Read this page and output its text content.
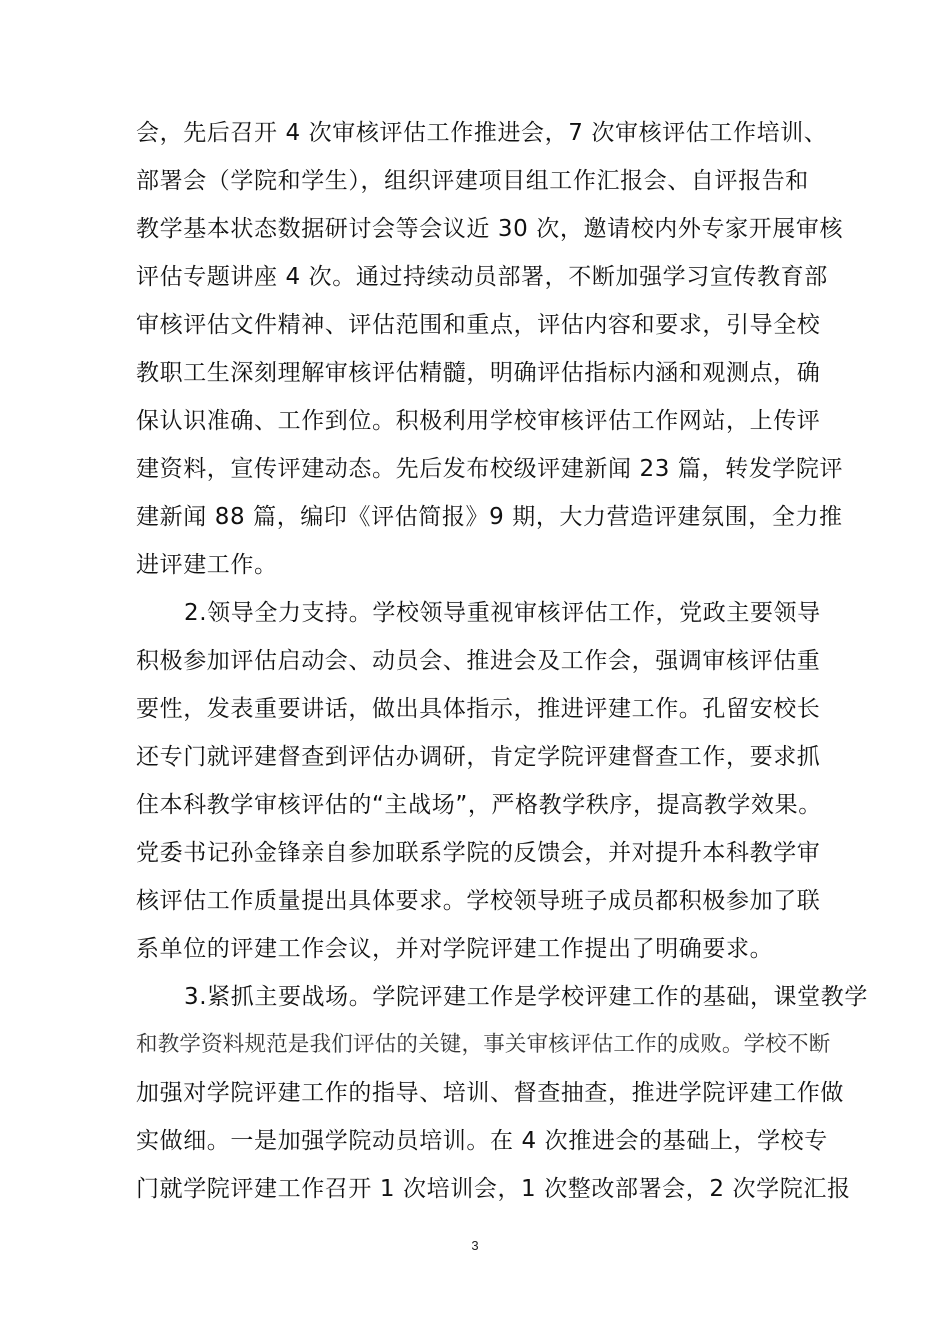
会，先后召开 4 次审核评估工作推进会，7 次审核评估工作培训、
部署会（学院和学生），组织评建项目组工作汇报会、自评报告和
教学基本状态数据研讨会等会议近 30 次，邀请校内外专家开展审核
评估专题讲座 4 次。通过持续动员部署，不断加强学习宣传教育部
审核评估文件精神、评估范围和重点，评估内容和要求，引导全校
教职工生深刻理解审核评估精髓，明确评估指标内涵和观测点，确
保认识准确、工作到位。积极利用学校审核评估工作网站，上传评
建资料，宣传评建动态。先后发布校级评建新闻 23 篇，转发学院评
建新闻 88 篇，编印《评估简报》9 期，大力营造评建氛围，全力推
进评建工作。
2.领导全力支持。学校领导重视审核评估工作，党政主要领导
积极参加评估启动会、动员会、推进会及工作会，强调审核评估重
要性，发表重要讲话，做出具体指示，推进评建工作。孔留安校长
还专门就评建督查到评估办调研，肯定学院评建督查工作，要求抓
住本科教学审核评估的“主战场”，严格教学秩序，提高教学效果。
党委书记孙金锋亲自参加联系学院的反馈会，并对提升本科教学审
核评估工作质量提出具体要求。学校领导班子成员都积极参加了联
系单位的评建工作会议，并对学院评建工作提出了明确要求。
3.紧抓主要战场。学院评建工作是学校评建工作的基础，课堂教学
和教学资料规范是我们评估的关键，事关审核评估工作的成败。学校不断
加强对学院评建工作的指导、培训、督查抽查，推进学院评建工作做
实做细。一是加强学院动员培训。在 4 次推进会的基础上，学校专
门就学院评建工作召开 1 次培训会，1 次整改部署会，2 次学院汇报
3
